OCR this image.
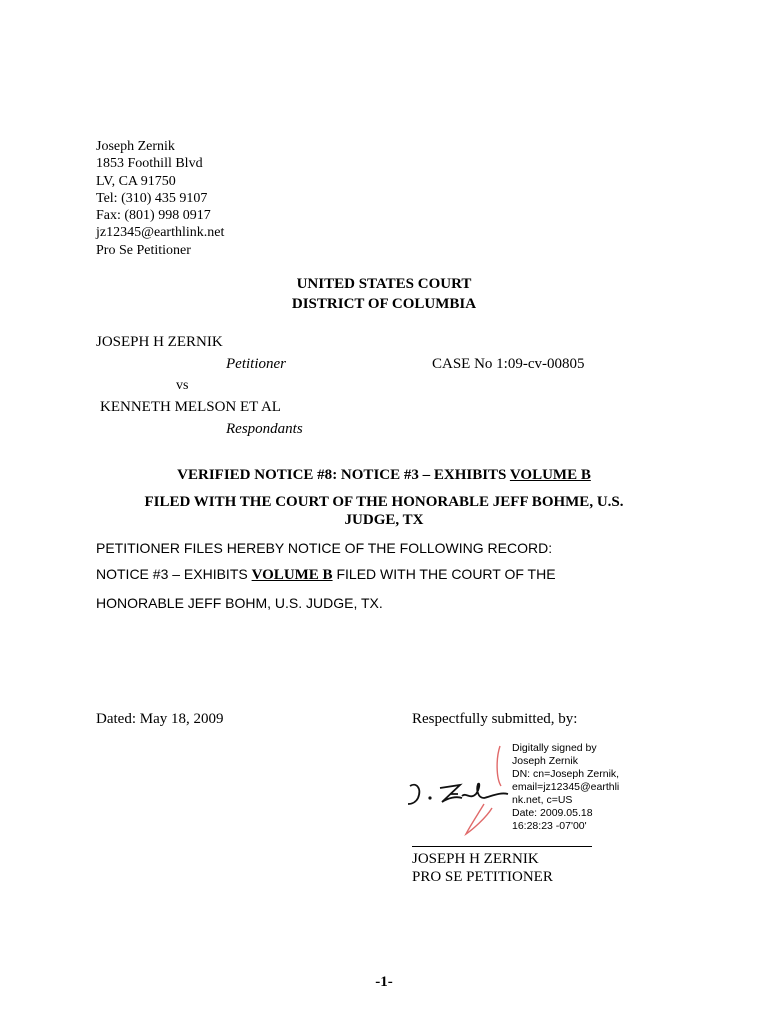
Joseph Zernik
1853 Foothill Blvd
LV, CA 91750
Tel: (310) 435 9107
Fax: (801) 998 0917
jz12345@earthlink.net
Pro Se Petitioner
UNITED STATES COURT
DISTRICT OF COLUMBIA
JOSEPH H ZERNIK
Petitioner	CASE No 1:09-cv-00805
vs
KENNETH MELSON ET AL
Respondants
VERIFIED NOTICE #8: NOTICE #3 – EXHIBITS VOLUME B
FILED WITH THE COURT OF THE HONORABLE JEFF BOHME, U.S.
JUDGE, TX
PETITIONER FILES HEREBY NOTICE OF THE FOLLOWING RECORD:
NOTICE #3 – EXHIBITS VOLUME B FILED WITH THE COURT OF THE
HONORABLE JEFF BOHM, U.S. JUDGE, TX.
Dated: May 18, 2009	Respectfully submitted, by:
Digitally signed by
Joseph Zernik
DN: cn=Joseph Zernik,
email=jz12345@earthli
nk.net, c=US
Date: 2009.05.18
16:28:23 -07'00'
JOSEPH H ZERNIK
PRO SE PETITIONER
-1-
